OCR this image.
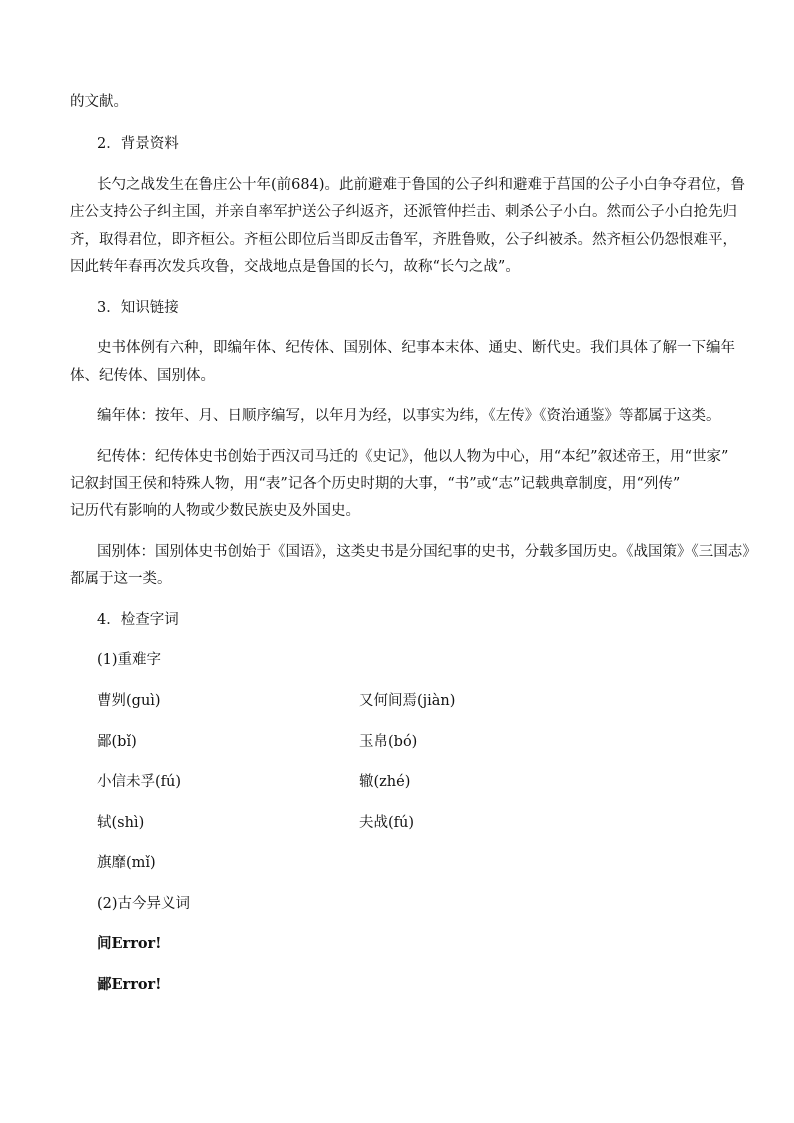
的文献。
2．背景资料
长勺之战发生在鲁庄公十年(前684)。此前避难于鲁国的公子纠和避难于莒国的公子小白争夺君位，鲁
庄公支持公子纠主国，并亲自率军护送公子纠返齐，还派管仲拦击、刺杀公子小白。然而公子小白抢先归
齐，取得君位，即齐桓公。齐桓公即位后当即反击鲁军，齐胜鲁败，公子纠被杀。然齐桓公仍怨恨难平，
因此转年春再次发兵攻鲁，交战地点是鲁国的长勺，故称“长勺之战”。
3．知识链接
史书体例有六种，即编年体、纪传体、国别体、纪事本末体、通史、断代史。我们具体了解一下编年
体、纪传体、国别体。
编年体：按年、月、日顺序编写，以年月为经，以事实为纬，《左传》《资治通鉴》等都属于这类。
纪传体：纪传体史书创始于西汉司马迁的《史记》，他以人物为中心，用“本纪”叙述帝王，用“世家”
记叙封国王侯和特殊人物，用“表”记各个历史时期的大事，“书”或“志”记载典章制度，用“列传”
记历代有影响的人物或少数民族史及外国史。
国别体：国别体史书创始于《国语》，这类史书是分国纪事的史书，分载多国历史。《战国策》《三国志》
都属于这一类。
4．检查字词
(1)重难字
曹刿(guì)	又何间焉(jiàn)
鄙(bǐ)	玉帛(bó)
小信未孚(fú)	辙(zhé)
轼(shì)	夫战(fú)
旗靡(mǐ)
(2)古今异义词
间Error!
鄙Error!
